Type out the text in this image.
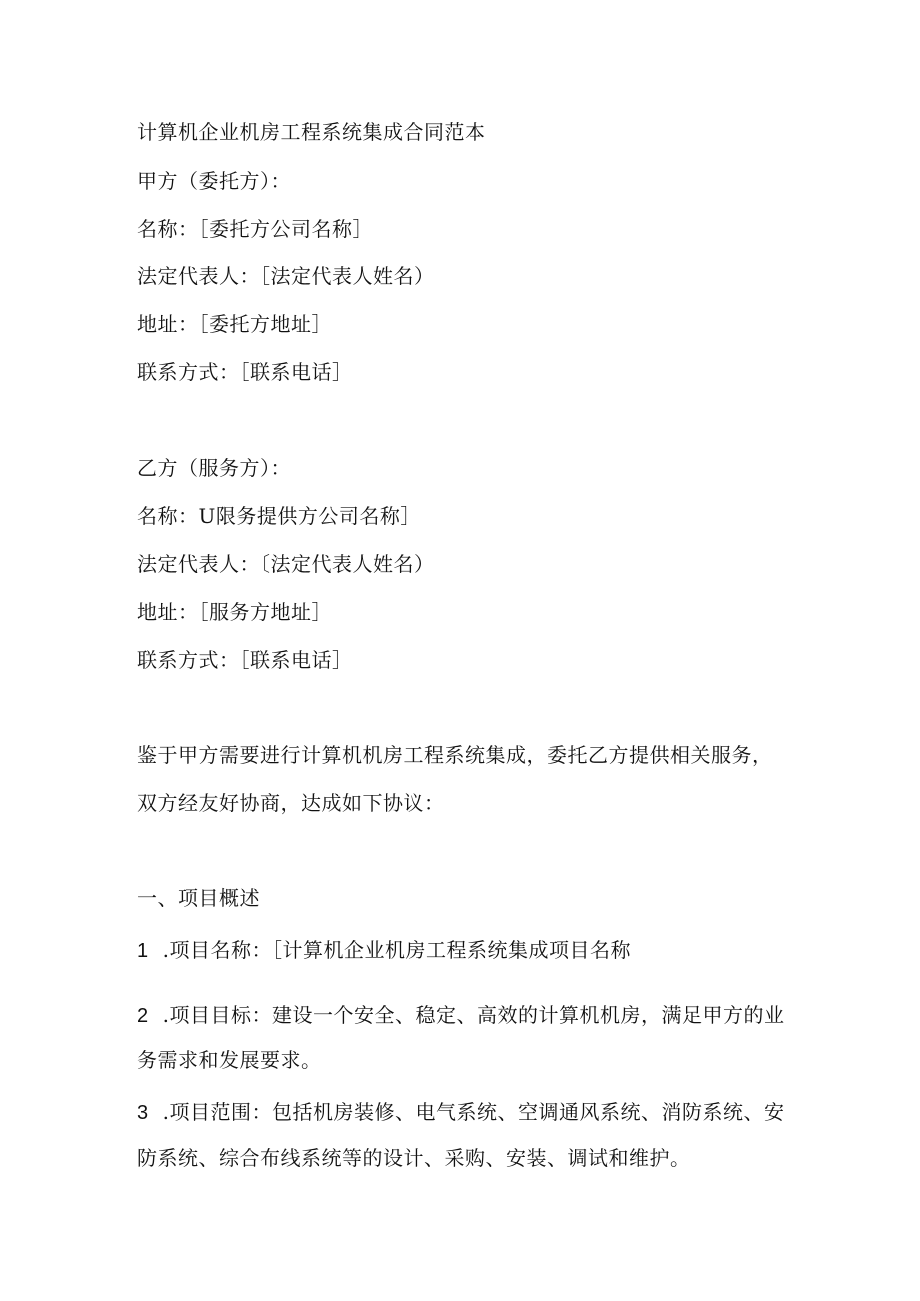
计算机企业机房工程系统集成合同范本
甲方（委托方）：
名称：［委托方公司名称］
法定代表人：［法定代表人姓名）
地址：［委托方地址］
联系方式：［联系电话］
乙方（服务方）：
名称：U限务提供方公司名称］
法定代表人：〔法定代表人姓名）
地址：［服务方地址］
联系方式：［联系电话］
鉴于甲方需要进行计算机机房工程系统集成，委托乙方提供相关服务，
双方经友好协商，达成如下协议：
一、项目概述
1 .项目名称：［计算机企业机房工程系统集成项目名称
2 .项目目标：建设一个安全、稳定、高效的计算机机房，满足甲方的业
务需求和发展要求。
3 .项目范围：包括机房装修、电气系统、空调通风系统、消防系统、安
防系统、综合布线系统等的设计、采购、安装、调试和维护。
